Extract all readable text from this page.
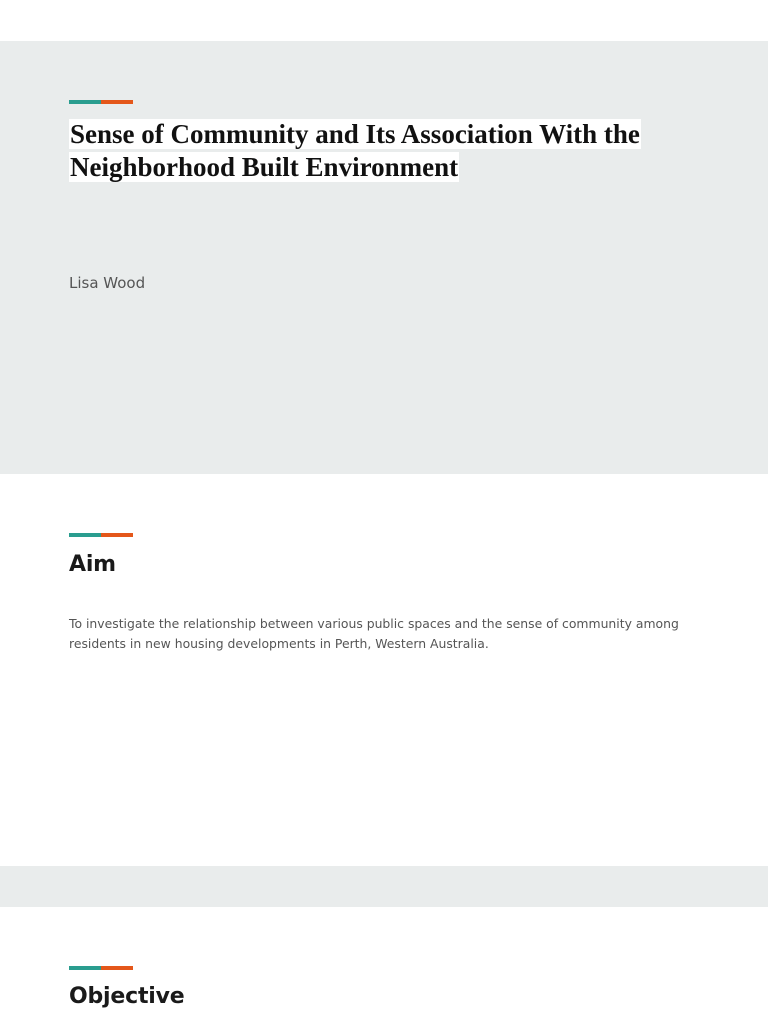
Sense of Community and Its Association With the Neighborhood Built Environment

Lisa Wood

Aim

To investigate the relationship between various public spaces and the sense of community among residents in new housing developments in Perth, Western Australia.

Objective
